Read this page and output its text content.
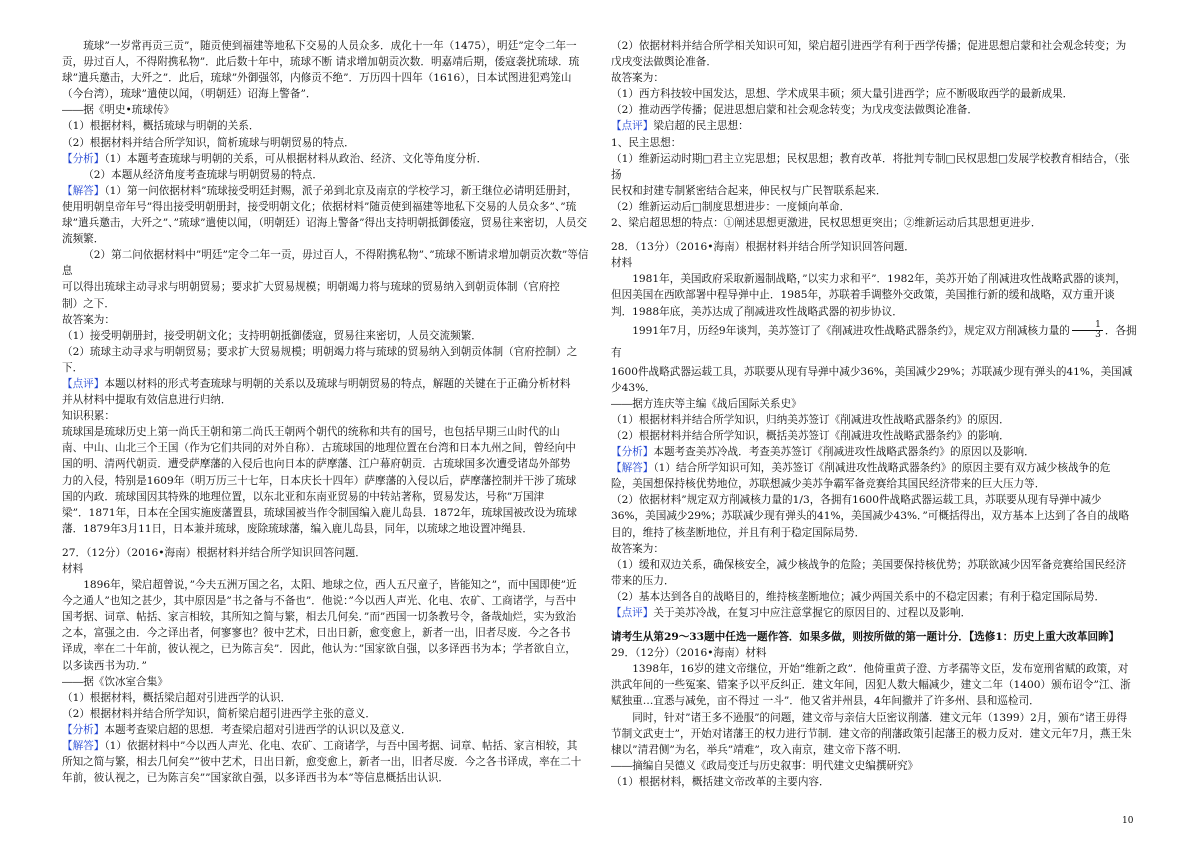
琉球”一岁常再贡三贡”，随贡使到福建等地私下交易的人员众多．成化十一年（1475），明廷”定令二年一

贡，毋过百人，不得附携私物”．此后数十年中，琉球不断 请求增加朝贡次数．明嘉靖后期，倭寇袭扰琉球．琉

球”遣兵邀击，大歼之”．此后，琉球”外御强邻，内修贡不绝”．万历四十四年（1616），日本试图进犯鸡笼山

（今台湾），琉球”遣使以闻，（明朝廷）诏海上警备”．

――据《明史•琉球传》

（1）根据材料，概括琉球与明朝的关系．

（2）根据材料并结合所学知识，简析琉球与明朝贸易的特点．

【分析】（1）本题考查琉球与明朝的关系，可从根据材料从政治、经济、文化等角度分析．

（2）本题从经济角度考查琉球与明朝贸易的特点．

【解答】（1）第一问依据材料”琉球接受明廷封赐，派子弟到北京及南京的学校学习，新王继位必请明廷册封，

使用明朝皇帝年号”得出接受明朝册封，接受明朝文化；依据材料”随贡使到福建等地私下交易的人员众多”、”琉

球”遣兵邀击，大歼之”、”琉球”遣使以闻，（明朝廷）诏海上警备”得出支持明朝抵御倭寇，贸易往来密切，人员交流频繁．

（2）第二问依据材料中”明廷”定令二年一贡，毋过百人，不得附携私物”、”琉球不断请求增加朝贡次数”等信息

可以得出琉球主动寻求与明朝贸易；要求扩大贸易规模；明朝竭力将与琉球的贸易纳入到朝贡体制（官府控

制）之下．

故答案为：

（1）接受明朝册封，接受明朝文化；支持明朝抵御倭寇，贸易往来密切，人员交流频繁．

（2）琉球主动寻求与明朝贸易；要求扩大贸易规模；明朝竭力将与琉球的贸易纳入到朝贡体制（官府控制）之

下．

【点评】本题以材料的形式考查琉球与明朝的关系以及琉球与明朝贸易的特点，解题的关键在于正确分析材料

并从材料中提取有效信息进行归纳．

知识积累：

琉球国是琉球历史上第一尚氏王朝和第二尚氏王朝两个朝代的统称和共有的国号，也包括早期三山时代的山

南、中山、山北三个王国（作为它们共同的对外自称）．古琉球国的地理位置在台湾和日本九州之间，曾经向中

国的明、清两代朝贡．遭受萨摩藩的入侵后也向日本的萨摩藩、江户幕府朝贡．古琉球国多次遭受诸岛外部势

力的入侵，特别是1609年（明万历三十七年，日本庆长十四年）萨摩藩的入侵以后，萨摩藩控制并干涉了琉球

国的内政．琉球国因其特殊的地理位置，以东北亚和东南亚贸易的中转站著称，贸易发达，号称”万国津

梁”．1871年，日本在全国实施废藩置县，琉球国被当作令制国编入鹿儿岛县．1872年，琉球国被改设为琉球

藩．1879年3月11日，日本兼并琉球，废除琉球藩，编入鹿儿岛县，同年，以琉球之地设置冲绳县．

27．（12分）（2016•海南）根据材料并结合所学知识回答问题．

材料

1896年，梁启超曾说，”今夫五洲万国之名，太阳、地球之位，西人五尺童子，皆能知之”，而中国即使”近

今之通人”也知之甚少，其中原因是”书之备与不备也”．他说：”今以西人声光、化电、农矿、工商诸学，与吾中

国考据、词章、帖括、家言相较，其所知之简与繁，相去几何矣．”而”西国一切条教号令，备哉灿烂，实为致治

之本，富强之由．今之译出者，何寥寥也？彼中艺术，日出日新，愈变愈上，新者一出，旧者尽废．今之各书

译成，率在二十年前，彼认视之，已为陈言矣”．因此，他认为：”国家欲自强，以多译西书为本；学者欲自立，

以多读西书为功．”

――据《饮冰室合集》

（1）根据材料，概括梁启超对引进西学的认识．

（2）根据材料并结合所学知识，简析梁启超引进西学主张的意义．

【分析】本题考查梁启超的思想．考查梁启超对引进西学的认识以及意义．

【解答】（1）依据材料中”今以西人声光、化电、农矿、工商诸学，与吾中国考据、词章、帖括、家言相较，其

所知之简与繁，相去几何矣””彼中艺术，日出日新，愈变愈上，新者一出，旧者尽废．今之各书译成，率在二十

年前，彼认视之，已为陈言矣””国家欲自强，以多译西书为本”等信息概括出认识．

（2）依据材料并结合所学相关知识可知，梁启超引进西学有利于西学传播；促进思想启蒙和社会观念转变；为

戊戌变法做舆论准备．

故答案为：

（1）西方科技较中国发达，思想、学术成果丰硕；须大量引进西学；应不断吸取西学的最新成果．

（2）推动西学传播；促进思想启蒙和社会观念转变；为戊戌变法做舆论准备．

【点评】梁启超的民主思想：

1、民主思想：

（1）维新运动时期□君主立宪思想；民权思想；教育改革．将批判专制□民权思想□发展学校教育相结合，（张扬

民权和封建专制紧密结合起来，伸民权与广民智联系起来．

（2）维新运动后□制度思想进步：一度倾向革命．

2、梁启超思想的特点：①阐述思想更激进，民权思想更突出；②维新运动后其思想更进步．

28．（13分）（2016•海南）根据材料并结合所学知识回答问题．

材料

1981年，美国政府采取新遏制战略，”以实力求和平”．1982年，美苏开始了削减进攻性战略武器的谈判，

但因美国在西欧部署中程导弹中止．1985年，苏联着手调整外交政策，美国推行新的缓和战略，双方重开谈

判．1988年底，美苏达成了削减进攻性战略武器的初步协议．

1991年7月，历经9年谈判，美苏签订了《削减进攻性战略武器条约》，规定双方削减核力量的 $\frac{1}{3}$ ．各拥有

1600件战略武器运载工具，苏联要从现有导弹中减少36%，美国减少29%；苏联减少现有弹头的41%，美国减

少43%．

――据方连庆等主编《战后国际关系史》

（1）根据材料并结合所学知识，归纳美苏签订《削减进攻性战略武器条约》的原因．

（2）根据材料并结合所学知识，概括美苏签订《削减进攻性战略武器条约》的影响．

【分析】本题考查美苏冷战．考查美苏签订《削减进攻性战略武器条约》的原因以及影响．

【解答】（1）结合所学知识可知，美苏签订《削减进攻性战略武器条约》的原因主要有双方减少核战争的危

险，美国想保持核优势地位，苏联想减少美苏争霸军备竞赛给其国民经济带来的巨大压力等．

（2）依据材料”规定双方削减核力量的1/3，各拥有1600件战略武器运载工具，苏联要从现有导弹中减少

36%，美国减少29%；苏联减少现有弹头的41%，美国减少43%．”可概括得出，双方基本上达到了各自的战略

目的，维持了核垄断地位，并且有利于稳定国际局势．

故答案为：

（1）缓和双边关系，确保核安全，减少核战争的危险；美国要保持核优势；苏联欲减少因军备竞赛给国民经济

带来的压力．

（2）基本达到各自的战略目的，维持核垄断地位；减少两国关系中的不稳定因素；有利于稳定国际局势．

【点评】关于美苏冷战，在复习中应注意掌握它的原因目的、过程以及影响．

请考生从第29～33题中任选一题作答．如果多做，则按所做的第一题计分．【选修1：历史上重大改革回眸】

29．（12分）（2016•海南）材料

1398年，16岁的建文帝继位，开始”维新之政”．他倚重黄子澄、方孝孺等文臣，发布宽刑省赋的政策，对

洪武年间的一些冤案、错案予以平反纠正．建文年间，因犯人数大幅减少，建文二年（1400）颁布诏令”江、浙

赋独重…宜悉与减免，亩不得过 一斗”．他又省并州县，4年间撤并了许多州、县和巡检司．

同时，针对”诸王多不逊服”的问题，建文帝与亲信大臣密议削藩．建文元年（1399）2月，颁布”诸王毋得

节制文武吏士”，开始对诸藩王的权力进行节制．建文帝的削藩政策引起藩王的极力反对．建文元年7月，燕王朱

棣以”清君侧”为名，举兵”靖难”，攻入南京，建文帝下落不明．

――摘编自吴德义《政局变迁与历史叙事：明代建文史编撰研究》

（1）根据材料，概括建文帝改革的主要内容．

10
